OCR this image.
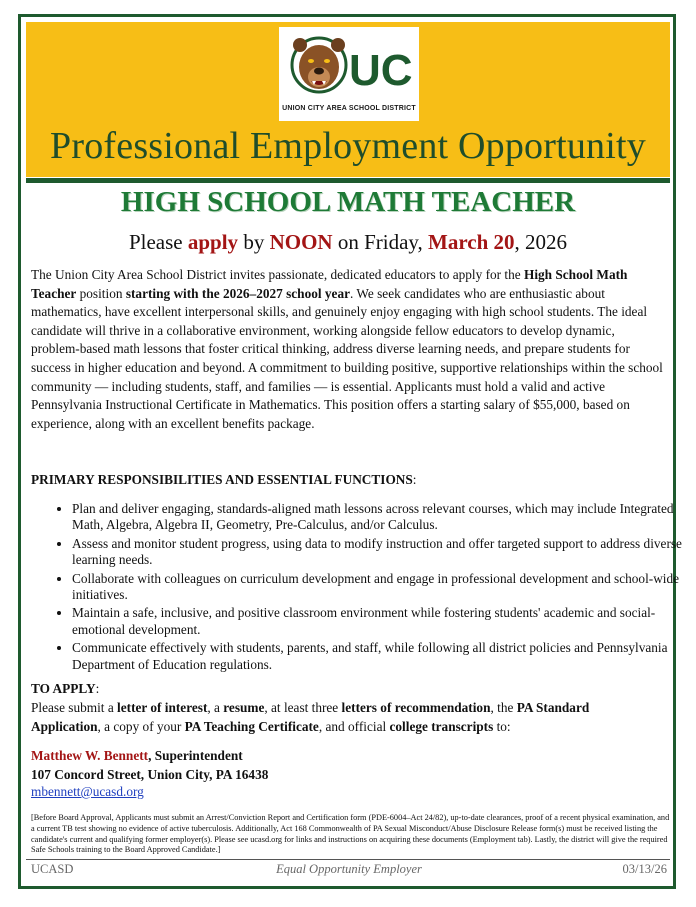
UC
UNION CITY AREA SCHOOL DISTRICT
Professional Employment Opportunity
HIGH SCHOOL MATH TEACHER
Please apply by NOON on Friday, March 20, 2026
The Union City Area School District invites passionate, dedicated educators to apply for the High School Math Teacher position starting with the 2026–2027 school year. We seek candidates who are enthusiastic about mathematics, have excellent interpersonal skills, and genuinely enjoy engaging with high school students. The ideal candidate will thrive in a collaborative environment, working alongside fellow educators to develop dynamic, problem-based math lessons that foster critical thinking, address diverse learning needs, and prepare students for success in higher education and beyond. A commitment to building positive, supportive relationships within the school community — including students, staff, and families — is essential. Applicants must hold a valid and active Pennsylvania Instructional Certificate in Mathematics. This position offers a starting salary of $55,000, based on experience, along with an excellent benefits package.
PRIMARY RESPONSIBILITIES AND ESSENTIAL FUNCTIONS:
• Plan and deliver engaging, standards-aligned math lessons across relevant courses, which may include Integrated Math, Algebra, Algebra II, Geometry, Pre-Calculus, and/or Calculus.
• Assess and monitor student progress, using data to modify instruction and offer targeted support to address diverse learning needs.
• Collaborate with colleagues on curriculum development and engage in professional development and school-wide initiatives.
• Maintain a safe, inclusive, and positive classroom environment while fostering students' academic and social-emotional development.
• Communicate effectively with students, parents, and staff, while following all district policies and Pennsylvania Department of Education regulations.
TO APPLY:
Please submit a letter of interest, a resume, at least three letters of recommendation, the PA Standard Application, a copy of your PA Teaching Certificate, and official college transcripts to:
Matthew W. Bennett, Superintendent
107 Concord Street, Union City, PA 16438
mbennett@ucasd.org
[Before Board Approval, Applicants must submit an Arrest/Conviction Report and Certification form (PDE-6004–Act 24/82), up-to-date clearances, proof of a recent physical examination, and a current TB test showing no evidence of active tuberculosis. Additionally, Act 168 Commonwealth of PA Sexual Misconduct/Abuse Disclosure Release form(s) must be received listing the candidate's current and qualifying former employer(s). Please see ucasd.org for links and instructions on acquiring these documents (Employment tab). Lastly, the district will give the required Safe Schools training to the Board Approved Candidate.]
UCASD	Equal Opportunity Employer	03/13/26
